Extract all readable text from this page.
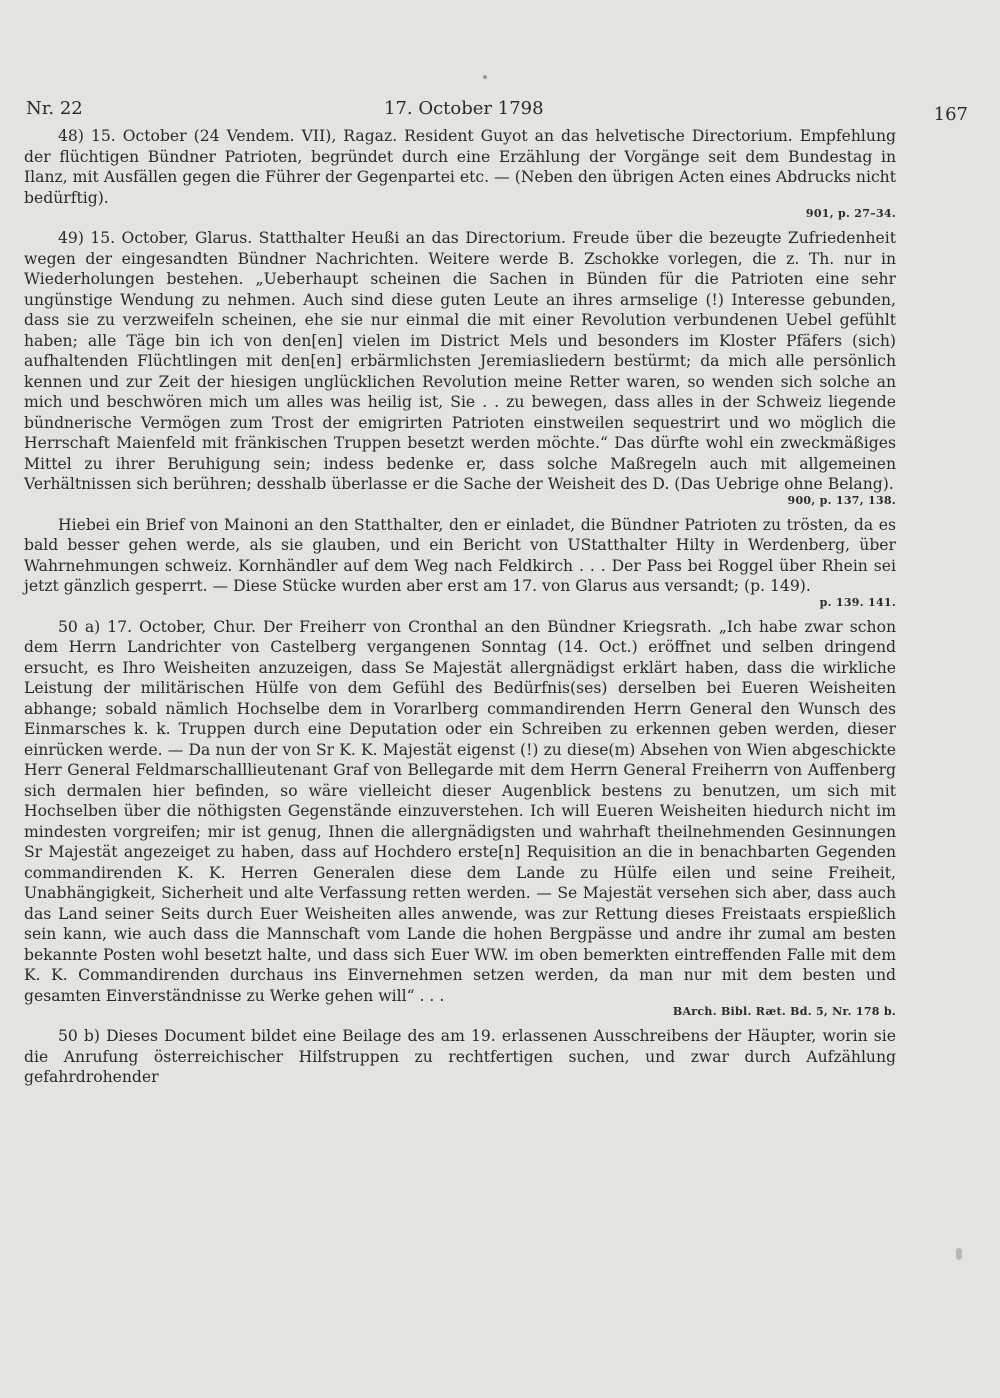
Nr. 22	17. October 1798	167

48) 15. October (24 Vendem. VII), Ragaz. Resident Guyot an das helvetische Directorium. Empfehlung der flüchtigen Bündner Patrioten, begründet durch eine Erzählung der Vorgänge seit dem Bundestag in Ilanz, mit Ausfällen gegen die Führer der Gegenpartei etc. — (Neben den übrigen Acten eines Abdrucks nicht bedürftig).
901, p. 27–34.

49) 15. October, Glarus. Statthalter Heußi an das Directorium. Freude über die bezeugte Zufriedenheit wegen der eingesandten Bündner Nachrichten. Weitere werde B. Zschokke vorlegen, die z. Th. nur in Wiederholungen bestehen. „Ueberhaupt scheinen die Sachen in Bünden für die Patrioten eine sehr ungünstige Wendung zu nehmen. Auch sind diese guten Leute an ihres armselige (!) Interesse gebunden, dass sie zu verzweifeln scheinen, ehe sie nur einmal die mit einer Revolution verbundenen Uebel gefühlt haben; alle Täge bin ich von den[en] vielen im District Mels und besonders im Kloster Pfäfers (sich) aufhaltenden Flüchtlingen mit den[en] erbärmlichsten Jeremiasliedern bestürmt; da mich alle persönlich kennen und zur Zeit der hiesigen unglücklichen Revolution meine Retter waren, so wenden sich solche an mich und beschwören mich um alles was heilig ist, Sie . . zu bewegen, dass alles in der Schweiz liegende bündnerische Vermögen zum Trost der emigrirten Patrioten einstweilen sequestrirt und wo möglich die Herrschaft Maienfeld mit fränkischen Truppen besetzt werden möchte.“ Das dürfte wohl ein zweckmäßiges Mittel zu ihrer Beruhigung sein; indess bedenke er, dass solche Maßregeln auch mit allgemeinen Verhältnissen sich berühren; desshalb überlasse er die Sache der Weisheit des D. (Das Uebrige ohne Belang).
900, p. 137, 138.

Hiebei ein Brief von Mainoni an den Statthalter, den er einladet, die Bündner Patrioten zu trösten, da es bald besser gehen werde, als sie glauben, und ein Bericht von UStatthalter Hilty in Werdenberg, über Wahrnehmungen schweiz. Kornhändler auf dem Weg nach Feldkirch . . . Der Pass bei Roggel über Rhein sei jetzt gänzlich gesperrt. — Diese Stücke wurden aber erst am 17. von Glarus aus versandt; (p. 149).
p. 139. 141.

50 a) 17. October, Chur. Der Freiherr von Cronthal an den Bündner Kriegsrath. „Ich habe zwar schon dem Herrn Landrichter von Castelberg vergangenen Sonntag (14. Oct.) eröffnet und selben dringend ersucht, es Ihro Weisheiten anzuzeigen, dass Se Majestät allergnädigst erklärt haben, dass die wirkliche Leistung der militärischen Hülfe von dem Gefühl des Bedürfnis(ses) derselben bei Eueren Weisheiten abhange; sobald nämlich Hochselbe dem in Vorarlberg commandirenden Herrn General den Wunsch des Einmarsches k. k. Truppen durch eine Deputation oder ein Schreiben zu erkennen geben werden, dieser einrücken werde. — Da nun der von Sr K. K. Majestät eigenst (!) zu diese(m) Absehen von Wien abgeschickte Herr General Feldmarschalllieutenant Graf von Bellegarde mit dem Herrn General Freiherrn von Auffenberg sich dermalen hier befinden, so wäre vielleicht dieser Augenblick bestens zu benutzen, um sich mit Hochselben über die nöthigsten Gegenstände einzuverstehen. Ich will Eueren Weisheiten hiedurch nicht im mindesten vorgreifen; mir ist genug, Ihnen die allergnädigsten und wahrhaft theilnehmenden Gesinnungen Sr Majestät angezeiget zu haben, dass auf Hochdero erste[n] Requisition an die in benachbarten Gegenden commandirenden K. K. Herren Generalen diese dem Lande zu Hülfe eilen und seine Freiheit, Unabhängigkeit, Sicherheit und alte Verfassung retten werden. — Se Majestät versehen sich aber, dass auch das Land seiner Seits durch Euer Weisheiten alles anwende, was zur Rettung dieses Freistaats erspießlich sein kann, wie auch dass die Mannschaft vom Lande die hohen Bergpässe und andre ihr zumal am besten bekannte Posten wohl besetzt halte, und dass sich Euer WW. im oben bemerkten eintreffenden Falle mit dem K. K. Commandirenden durchaus ins Einvernehmen setzen werden, da man nur mit dem besten und gesamten Einverständnisse zu Werke gehen will“ . . .
BArch. Bibl. Ræt. Bd. 5, Nr. 178 b.

50 b) Dieses Document bildet eine Beilage des am 19. erlassenen Ausschreibens der Häupter, worin sie die Anrufung österreichischer Hilfstruppen zu rechtfertigen suchen, und zwar durch Aufzählung gefahrdrohender
